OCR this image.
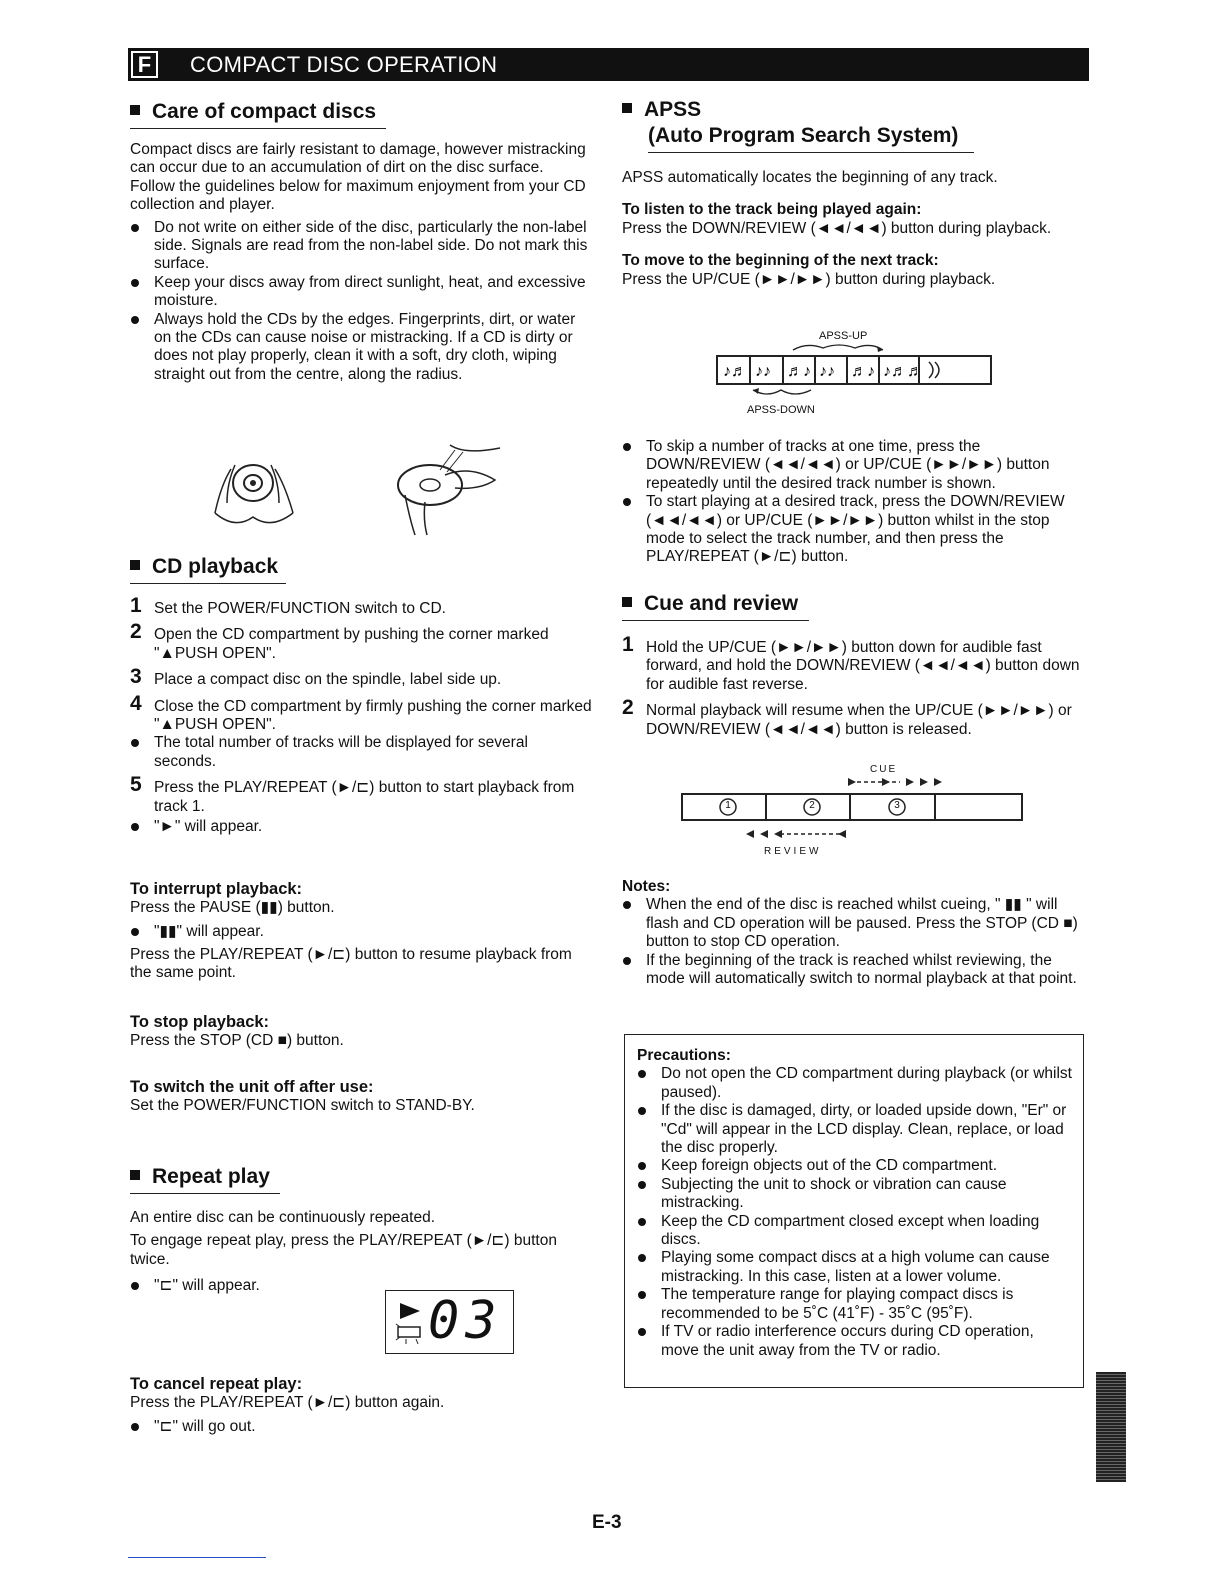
F	COMPACT DISC OPERATION
Care of compact discs

Compact discs are fairly resistant to damage, however mistracking can occur due to an accumulation of dirt on the disc surface.

Follow the guidelines below for maximum enjoyment from your CD collection and player.

Do not write on either side of the disc, particularly the non-label side. Signals are read from the non-label side. Do not mark this surface.
Keep your discs away from direct sunlight, heat, and excessive moisture.
Always hold the CDs by the edges. Fingerprints, dirt, or water on the CDs can cause noise or mistracking. If a CD is dirty or does not play properly, clean it with a soft, dry cloth, wiping straight out from the centre, along the radius.
CD playback
1 Set the POWER/FUNCTION switch to CD.
2 Open the CD compartment by pushing the corner marked "▲PUSH OPEN".
3 Place a compact disc on the spindle, label side up.
4 Close the CD compartment by firmly pushing the corner marked "▲PUSH OPEN".
The total number of tracks will be displayed for several seconds.
5 Press the PLAY/REPEAT (►/⊏) button to start playback from track 1.
"►" will appear.
To interrupt playback:
Press the PAUSE (▮▮) button.
"▮▮" will appear.
Press the PLAY/REPEAT (►/⊏) button to resume playback from the same point.
To stop playback:
Press the STOP (CD ■) button.
To switch the unit off after use:
Set the POWER/FUNCTION switch to STAND-BY.
Repeat play
An entire disc can be continuously repeated.
To engage repeat play, press the PLAY/REPEAT (►/⊏) button twice.
"⊏" will appear.
03
To cancel repeat play:
Press the PLAY/REPEAT (►/⊏) button again.
"⊏" will go out.
APSS
(Auto Program Search System)
APSS automatically locates the beginning of any track.
To listen to the track being played again:
Press the DOWN/REVIEW (◄◄/◄◄) button during playback.
To move to the beginning of the next track:
Press the UP/CUE (►►/►►) button during playback.
APSS-UP
♪♬ ♪♪ ♬♪ ♪♪ ♬♪ ♪♬♬
APSS-DOWN
To skip a number of tracks at one time, press the DOWN/REVIEW (◄◄/◄◄) or UP/CUE (►►/►►) button repeatedly until the desired track number is shown.
To start playing at a desired track, press the DOWN/REVIEW (◄◄/◄◄) or UP/CUE (►►/►►) button whilst in the stop mode to select the track number, and then press the PLAY/REPEAT (►/⊏) button.
Cue and review
1 Hold the UP/CUE (►►/►►) button down for audible fast forward, and hold the DOWN/REVIEW (◄◄/◄◄) button down for audible fast reverse.
2 Normal playback will resume when the UP/CUE (►►/►►) or DOWN/REVIEW (◄◄/◄◄) button is released.
CUE
1	2	3
REVIEW
Notes:
When the end of the disc is reached whilst cueing, " ▮▮ " will flash and CD operation will be paused. Press the STOP (CD ■) button to stop CD operation.
If the beginning of the track is reached whilst reviewing, the mode will automatically switch to normal playback at that point.
Precautions:
Do not open the CD compartment during playback (or whilst paused).
If the disc is damaged, dirty, or loaded upside down, "Er" or "Cd" will appear in the LCD display. Clean, replace, or load the disc properly.
Keep foreign objects out of the CD compartment.
Subjecting the unit to shock or vibration can cause mistracking.
Keep the CD compartment closed except when loading discs.
Playing some compact discs at a high volume can cause mistracking. In this case, listen at a lower volume.
The temperature range for playing compact discs is recommended to be 5˚C (41˚F) - 35˚C (95˚F).
If TV or radio interference occurs during CD operation, move the unit away from the TV or radio.
E-3
